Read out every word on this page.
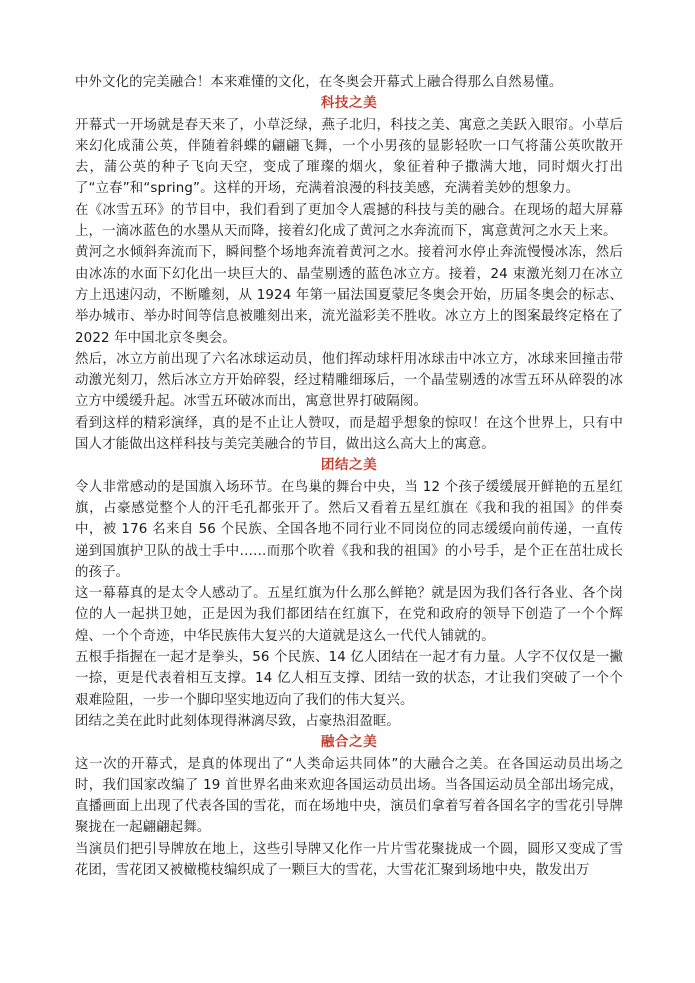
中外文化的完美融合！本来难懂的文化，在冬奥会开幕式上融合得那么自然易懂。

科技之美

开幕式一开场就是春天来了，小草泛绿，燕子北归，科技之美、寓意之美跃入眼帘。小草后来幻化成蒲公英，伴随着斜蝶的翩翩飞舞，一个小男孩的显影轻吹一口气将蒲公英吹散开去，蒲公英的种子飞向天空，变成了璀璨的烟火，象征着种子撒满大地，同时烟火打出了“立春”和“spring”。这样的开场，充满着浪漫的科技美感，充满着美妙的想象力。

在《冰雪五环》的节目中，我们看到了更加令人震撼的科技与美的融合。在现场的超大屏幕上，一滴冰蓝色的水墨从天而降，接着幻化成了黄河之水奔流而下，寓意黄河之水天上来。

黄河之水倾斜奔流而下，瞬间整个场地奔流着黄河之水。接着河水停止奔流慢慢冰冻，然后由冰冻的水面下幻化出一块巨大的、晶莹剔透的蓝色冰立方。接着，24 束激光刻刀在冰立方上迅速闪动，不断雕刻，从 1924 年第一届法国夏蒙尼冬奥会开始，历届冬奥会的标志、举办城市、举办时间等信息被雕刻出来，流光溢彩美不胜收。冰立方上的图案最终定格在了 2022 年中国北京冬奥会。

然后，冰立方前出现了六名冰球运动员，他们挥动球杆用冰球击中冰立方，冰球来回撞击带动激光刻刀，然后冰立方开始碎裂，经过精雕细琢后，一个晶莹剔透的冰雪五环从碎裂的冰立方中缓缓升起。冰雪五环破冰而出，寓意世界打破隔阂。

看到这样的精彩演绎，真的是不止让人赞叹，而是超乎想象的惊叹！在这个世界上，只有中国人才能做出这样科技与美完美融合的节目，做出这么高大上的寓意。

团结之美

令人非常感动的是国旗入场环节。在鸟巢的舞台中央，当 12 个孩子缓缓展开鲜艳的五星红旗，占豪感觉整个人的汗毛孔都张开了。然后又看着五星红旗在《我和我的祖国》的伴奏中，被 176 名来自 56 个民族、全国各地不同行业不同岗位的同志缓缓向前传递，一直传递到国旗护卫队的战士手中……而那个吹着《我和我的祖国》的小号手，是个正在茁壮成长的孩子。

这一幕幕真的是太令人感动了。五星红旗为什么那么鲜艳？就是因为我们各行各业、各个岗位的人一起拱卫她，正是因为我们都团结在红旗下，在党和政府的领导下创造了一个个辉煌、一个个奇迹，中华民族伟大复兴的大道就是这么一代代人铺就的。

五根手指握在一起才是拳头，56 个民族、14 亿人团结在一起才有力量。人字不仅仅是一撇一捺，更是代表着相互支撑。14 亿人相互支撑、团结一致的状态，才让我们突破了一个个艰难险阻，一步一个脚印坚实地迈向了我们的伟大复兴。

团结之美在此时此刻体现得淋漓尽致，占豪热泪盈眶。

融合之美

这一次的开幕式，是真的体现出了“人类命运共同体”的大融合之美。在各国运动员出场之时，我们国家改编了 19 首世界名曲来欢迎各国运动员出场。当各国运动员全部出场完成，直播画面上出现了代表各国的雪花，而在场地中央，演员们拿着写着各国名字的雪花引导牌聚拢在一起翩翩起舞。

当演员们把引导牌放在地上，这些引导牌又化作一片片雪花聚拢成一个圆，圆形又变成了雪花团，雪花团又被橄榄枝编织成了一颗巨大的雪花，大雪花汇聚到场地中央，散发出万
